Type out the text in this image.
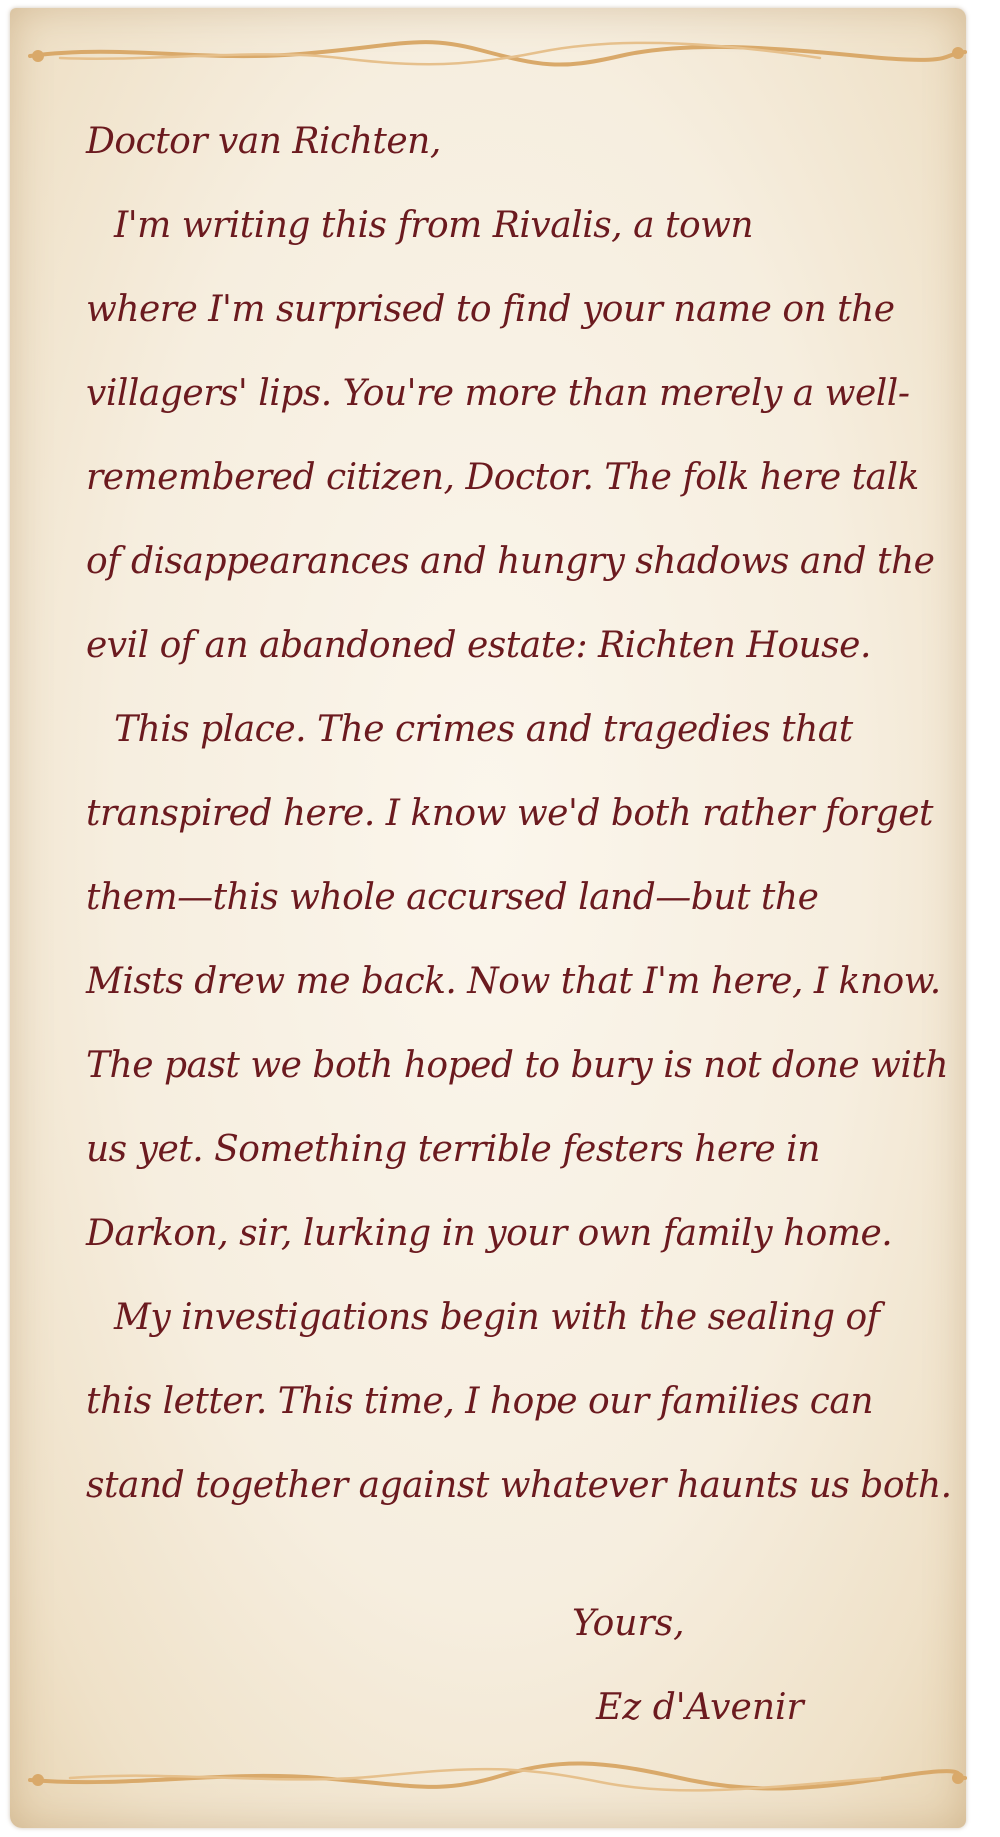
Doctor van Richten,
I'm writing this from Rivalis, a town
where I'm surprised to find your name on the
villagers' lips. You're more than merely a well-
remembered citizen, Doctor. The folk here talk
of disappearances and hungry shadows and the
evil of an abandoned estate: Richten House.
This place. The crimes and tragedies that
transpired here. I know we'd both rather forget
them—this whole accursed land—but the
Mists drew me back. Now that I'm here, I know.
The past we both hoped to bury is not done with
us yet. Something terrible festers here in
Darkon, sir, lurking in your own family home.
My investigations begin with the sealing of
this letter. This time, I hope our families can
stand together against whatever haunts us both.
Yours,
Ez d'Avenir
